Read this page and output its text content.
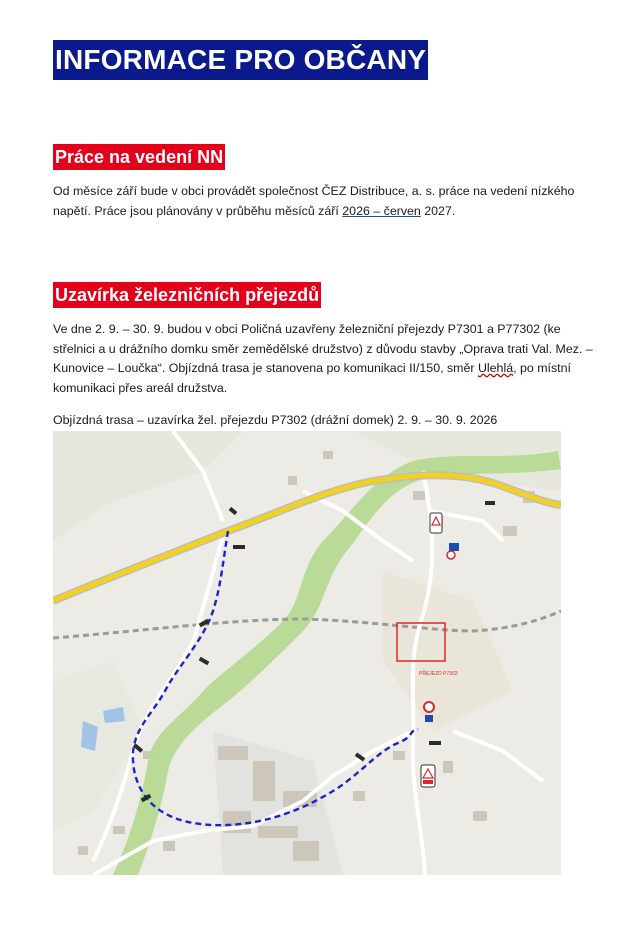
INFORMACE PRO OBČANY
Práce na vedení NN

Od měsíce září bude v obci provádět společnost ČEZ Distribuce, a. s. práce na vedení nízkého napětí. Práce jsou plánovány v průběhu měsíců září 2026 – červen 2027.

Uzavírka železničních přejezdů

Ve dne 2. 9. – 30. 9. budou v obci Poličná uzavřeny železniční přejezdy P7301 a P77302 (ke střelnici a u drážního domku směr zemědělské družstvo) z důvodu stavby „Oprava trati Val. Mez. – Kunovice – Loučka“. Objízdná trasa je stanovena po komunikaci II/150, směr Ulehlá, po místní komunikaci přes areál družstva.

Objízdná trasa – uzavírka žel. přejezdu P7302 (drážní domek) 2. 9. – 30. 9. 2026

PŘEJEZD P7302
